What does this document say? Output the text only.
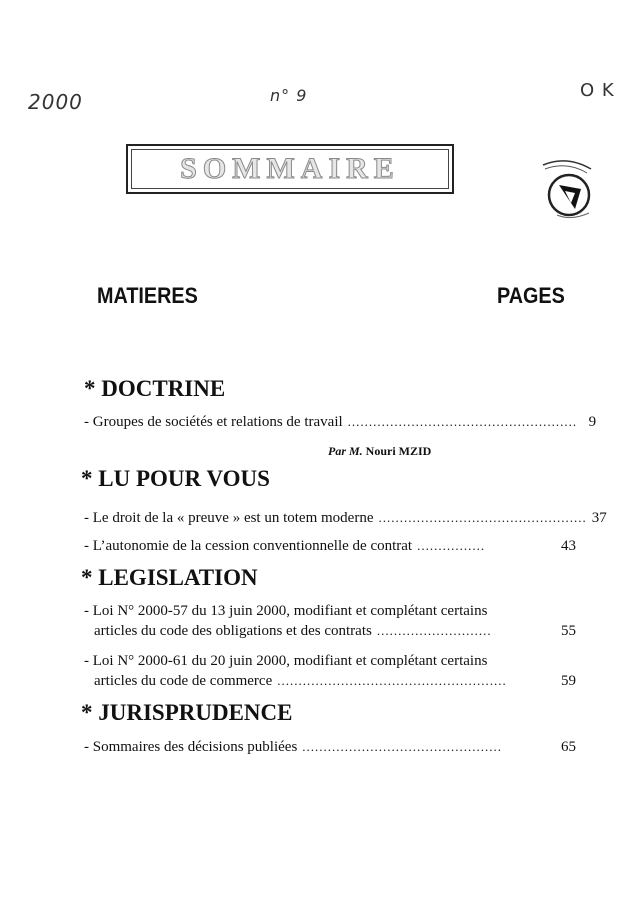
2000	n° 9	O K
SOMMAIRE
MATIERES	PAGES
* DOCTRINE
- Groupes de sociétés et relations de travail ...................................................... 9
Par M. Nouri MZID
* LU POUR VOUS
- Le droit de la « preuve » est un totem moderne ................................................. 37
- L’autonomie de la cession conventionnelle de contrat ................	43
* LEGISLATION
- Loi N° 2000-57 du 13 juin 2000, modifiant et complétant certains
articles du code des obligations et des contrats ...........................	55
- Loi N° 2000-61 du 20 juin 2000, modifiant et complétant certains
articles du code de commerce ......................................................	59
* JURISPRUDENCE
- Sommaires des décisions publiées ...............................................	65
